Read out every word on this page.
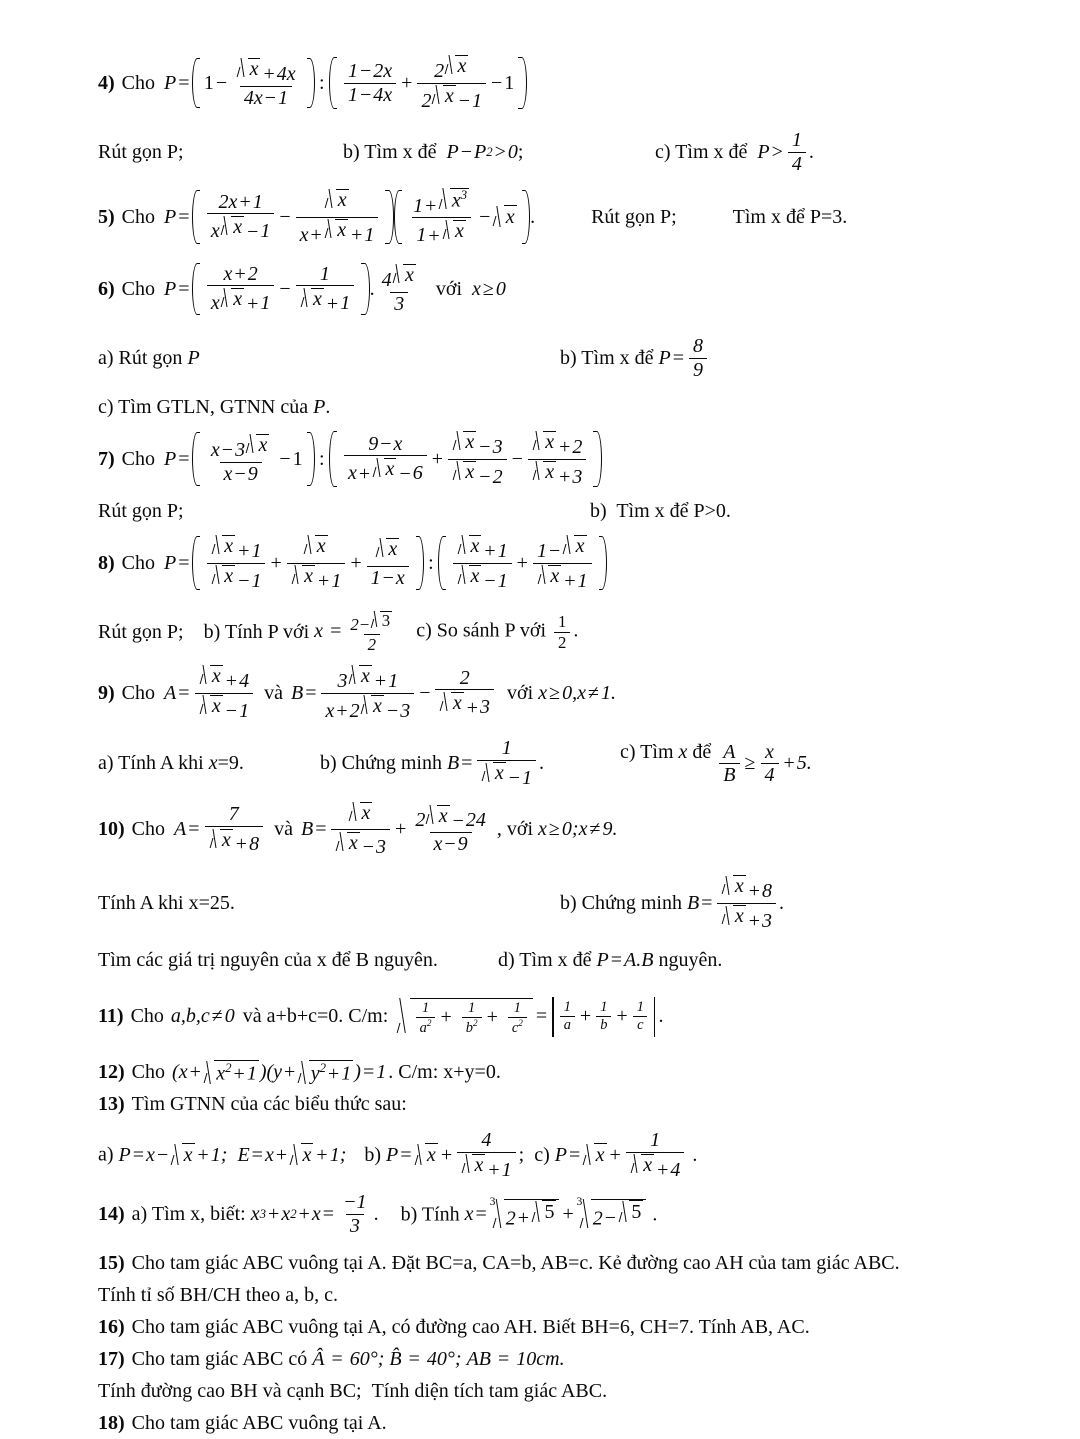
4) Cho $P = 1 - \frac{x + 4x}{4x - 1}$ : $\frac{1 - 2x}{1 - 4x} + \frac{2 x}{2 x - 1} - 1$
Rút gọn P;	b) Tìm x để P − P 2 > 0;	c) Tìm x để $P > \frac{1}{4}$ .
5) Cho $P = \frac{2x + 1}{\text{x x − 1}} - \frac{x}{x + x + 1} \frac{1 + x^3}{1 + x} - x$ .	Rút gọn P;	Tìm x để P=3.
6) Cho $P = \frac{x + 2}{\text{x x + 1}} - \frac{1}{x + 1}$ . $\frac{4 x}{3}$ với x ≥ 0
a) Rút gọn P	b) Tìm x để $P = \frac{8}{9}$
c) Tìm GTLN, GTNN của P.
7) Cho $P = \frac{x - 3 x}{x - 9} - 1$ : $\frac{9 - x}{x + x - 6} + \frac{x - 3}{x - 2} - \frac{x + 2}{x + 3}$
Rút gọn P;	b)  Tìm x để P>0.
8) Cho $P = \frac{x + 1}{x - 1} + \frac{x}{x + 1} + \frac{x}{1 - x}$ : $\frac{x + 1}{x - 1} + \frac{1 - x}{x + 1}$
Rút gọn P; b) Tính P với x
= $\frac{2- 3}{2} c$) So sánh P với $\frac{1}{2}$ .
9) Cho $A = \frac{x + 4}{x - 1}$ và $B = \frac{3 x + 1}{x + 2 x - 3} - \frac{2}{x + 3}$ với x ≥ 0, x ≠ 1.
a) Tính A khi x=9.	b) Chứng minh $B = \frac{1}{x - 1}$ .
c) Tìm x để $\frac{A}{B} \ge \frac{x}{4} + 5$.
10) Cho $A = \frac{7}{x + 8}$ và $B = \frac{x}{x - 3} + \frac{2 x - 24}{x - 9}$ , với x ≥ 0; x ≠ 9.
Tính A khi x=25.	b) Chứng minh $B = \frac{x + 8}{x + 3}$ .
Tìm các giá trị nguyên của x để B nguyên.	d) Tìm x để P = A . B nguyên.
11) Cho a , b , c ≠ 0 và a+b+c=0. C/m: $\frac{1}{a^2} + \frac{1}{b^2} + \frac{1}{c^2} = \frac{1}{a} + \frac{1}{b} + \frac{1}{c}$ .
12) Cho ( $x + x^2 + 1$ )( $y + y^2 + 1$ ) = 1 . C/m: x+y=0.
13) Tìm GTNN của các biểu thức sau:
a) P = x − x + 1; E = x + x + 1; b) $P = x + \frac{4}{x + 1}$ ; c) $P = x + \frac{1}{x + 4}$ .
14) a) Tìm x, biết: x 3 + x $2 + x = \frac{-1}{3}$ . b) Tính x =
3
2 + 5 +
3
2 − 5 .
15) Cho tam giác ABC vuông tại A. Đặt BC=a, CA=b, AB=c. Kẻ đường cao AH của tam giác ABC.
Tính tỉ số BH/CH theo a, b, c.
16) Cho tam giác ABC vuông tại A, có đường cao AH. Biết BH=6, CH=7. Tính AB, AC.
17) Cho tam giác ABC có Â
= 60°; B̂
= 40°; AB
= 10 cm .
Tính đường cao BH và cạnh BC; Tính diện tích tam giác ABC.
18) Cho tam giác ABC vuông tại A.
